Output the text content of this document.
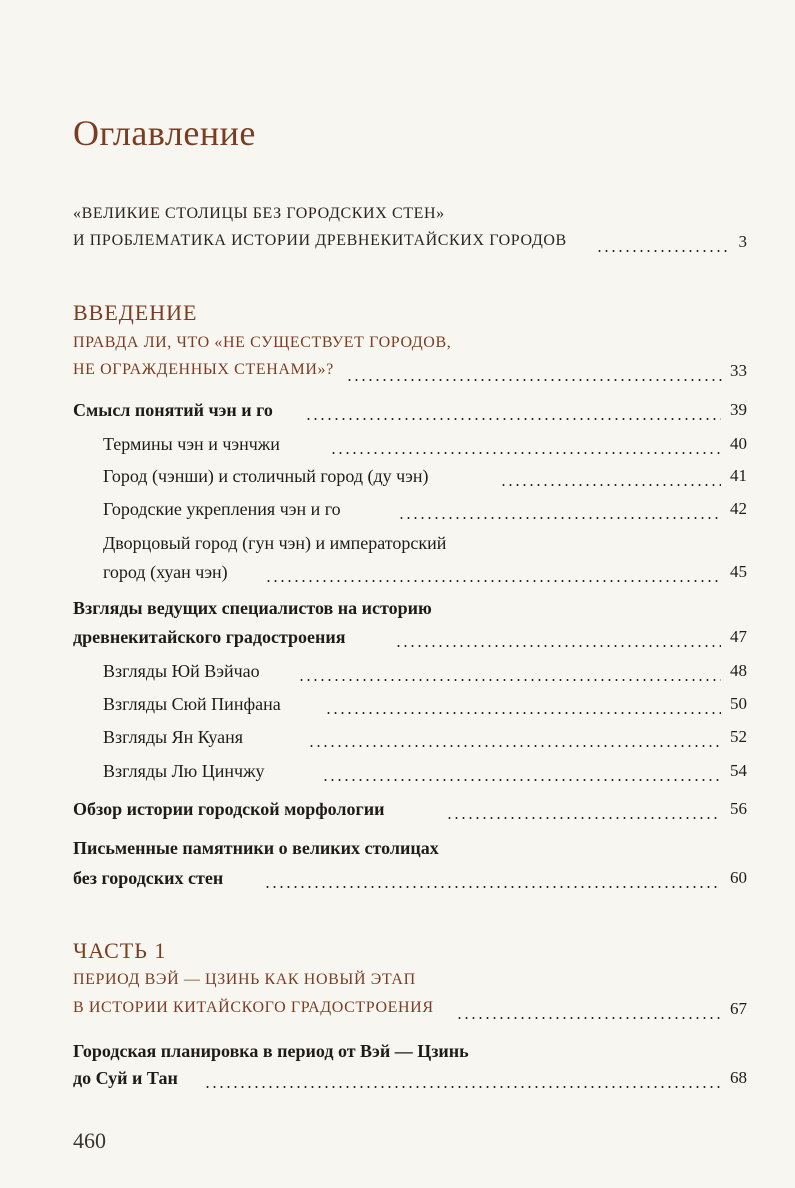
Оглавление
«ВЕЛИКИЕ СТОЛИЦЫ БЕЗ ГОРОДСКИХ СТЕН»
И ПРОБЛЕМАТИКА ИСТОРИИ ДРЕВНЕКИТАЙСКИХ ГОРОДОВ	3
ВВЕДЕНИЕ
ПРАВДА ЛИ, ЧТО «НЕ СУЩЕСТВУЕТ ГОРОДОВ,
НЕ ОГРАЖДЕННЫХ СТЕНАМИ»?	33
Смысл понятий чэн и го	39
Термины чэн и чэнчжи	40
Город (чэнши) и столичный город (ду чэн)	41
Городские укрепления чэн и го	42
Дворцовый город (гун чэн) и императорский
город (хуан чэн)	45
Взгляды ведущих специалистов на историю
древнекитайского градостроения	47
Взгляды Юй Вэйчао	48
Взгляды Сюй Пинфана	50
Взгляды Ян Куаня	52
Взгляды Лю Цинчжу	54
Обзор истории городской морфологии	56
Письменные памятники о великих столицах
без городских стен	60
ЧАСТЬ 1
ПЕРИОД ВЭЙ — ЦЗИНЬ КАК НОВЫЙ ЭТАП
В ИСТОРИИ КИТАЙСКОГО ГРАДОСТРОЕНИЯ	67
Городская планировка в период от Вэй — Цзинь
до Суй и Тан	68
460
